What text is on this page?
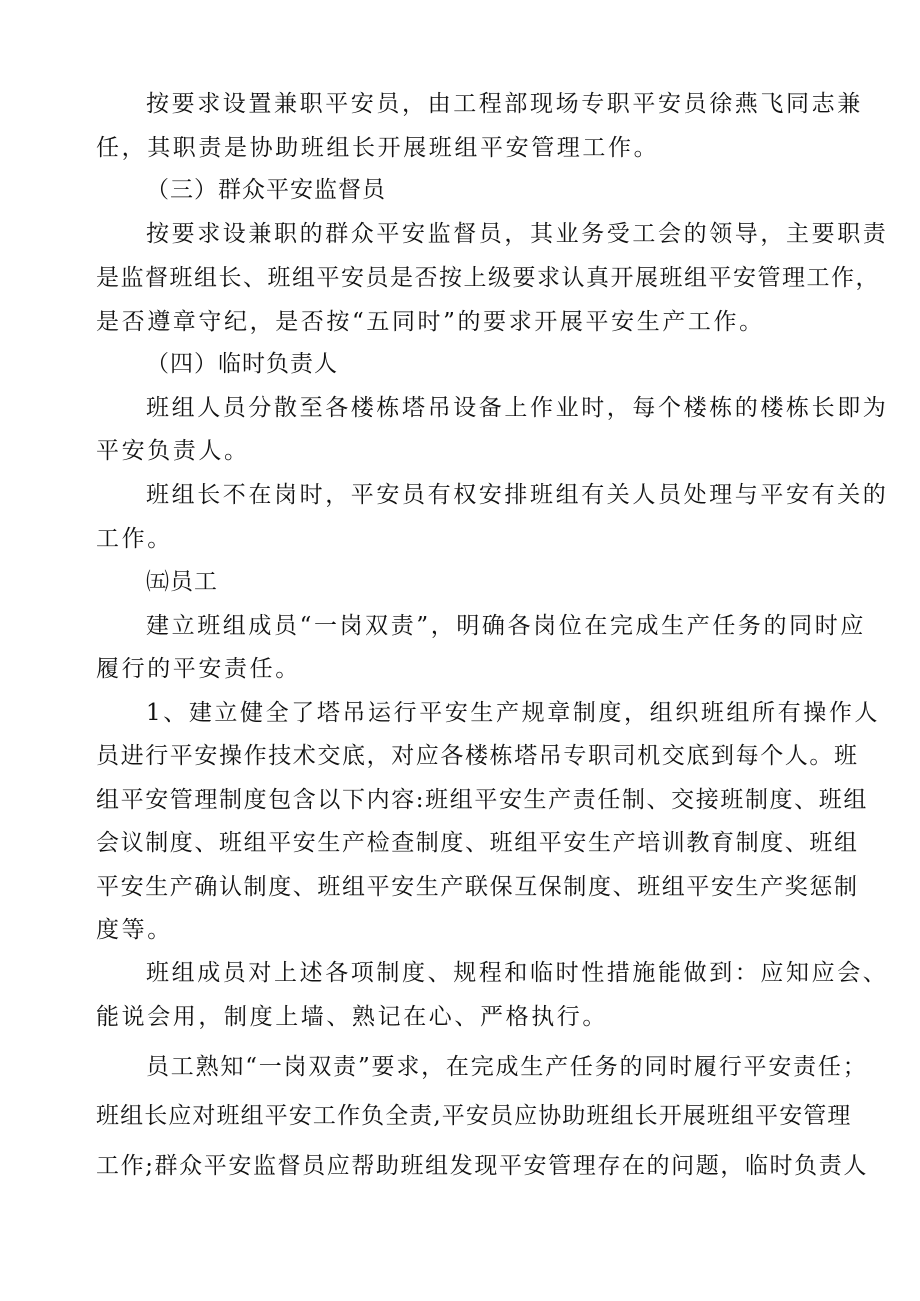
按要求设置兼职平安员，由工程部现场专职平安员徐燕飞同志兼
任，其职责是协助班组长开展班组平安管理工作。
（三）群众平安监督员
按要求设兼职的群众平安监督员，其业务受工会的领导，主要职责
是监督班组长、班组平安员是否按上级要求认真开展班组平安管理工作，
是否遵章守纪，是否按“五同时”的要求开展平安生产工作。
（四）临时负责人
班组人员分散至各楼栋塔吊设备上作业时，每个楼栋的楼栋长即为
平安负责人。
班组长不在岗时，平安员有权安排班组有关人员处理与平安有关的
工作。
㈤员工
建立班组成员“一岗双责”，明确各岗位在完成生产任务的同时应
履行的平安责任。
1、建立健全了塔吊运行平安生产规章制度，组织班组所有操作人
员进行平安操作技术交底，对应各楼栋塔吊专职司机交底到每个人。班
组平安管理制度包含以下内容:班组平安生产责任制、交接班制度、班组
会议制度、班组平安生产检查制度、班组平安生产培训教育制度、班组
平安生产确认制度、班组平安生产联保互保制度、班组平安生产奖惩制
度等。
班组成员对上述各项制度、规程和临时性措施能做到：应知应会、
能说会用，制度上墙、熟记在心、严格执行。
员工熟知“一岗双责”要求，在完成生产任务的同时履行平安责任；
班组长应对班组平安工作负全责,平安员应协助班组长开展班组平安管理
工作;群众平安监督员应帮助班组发现平安管理存在的问题，临时负责人
